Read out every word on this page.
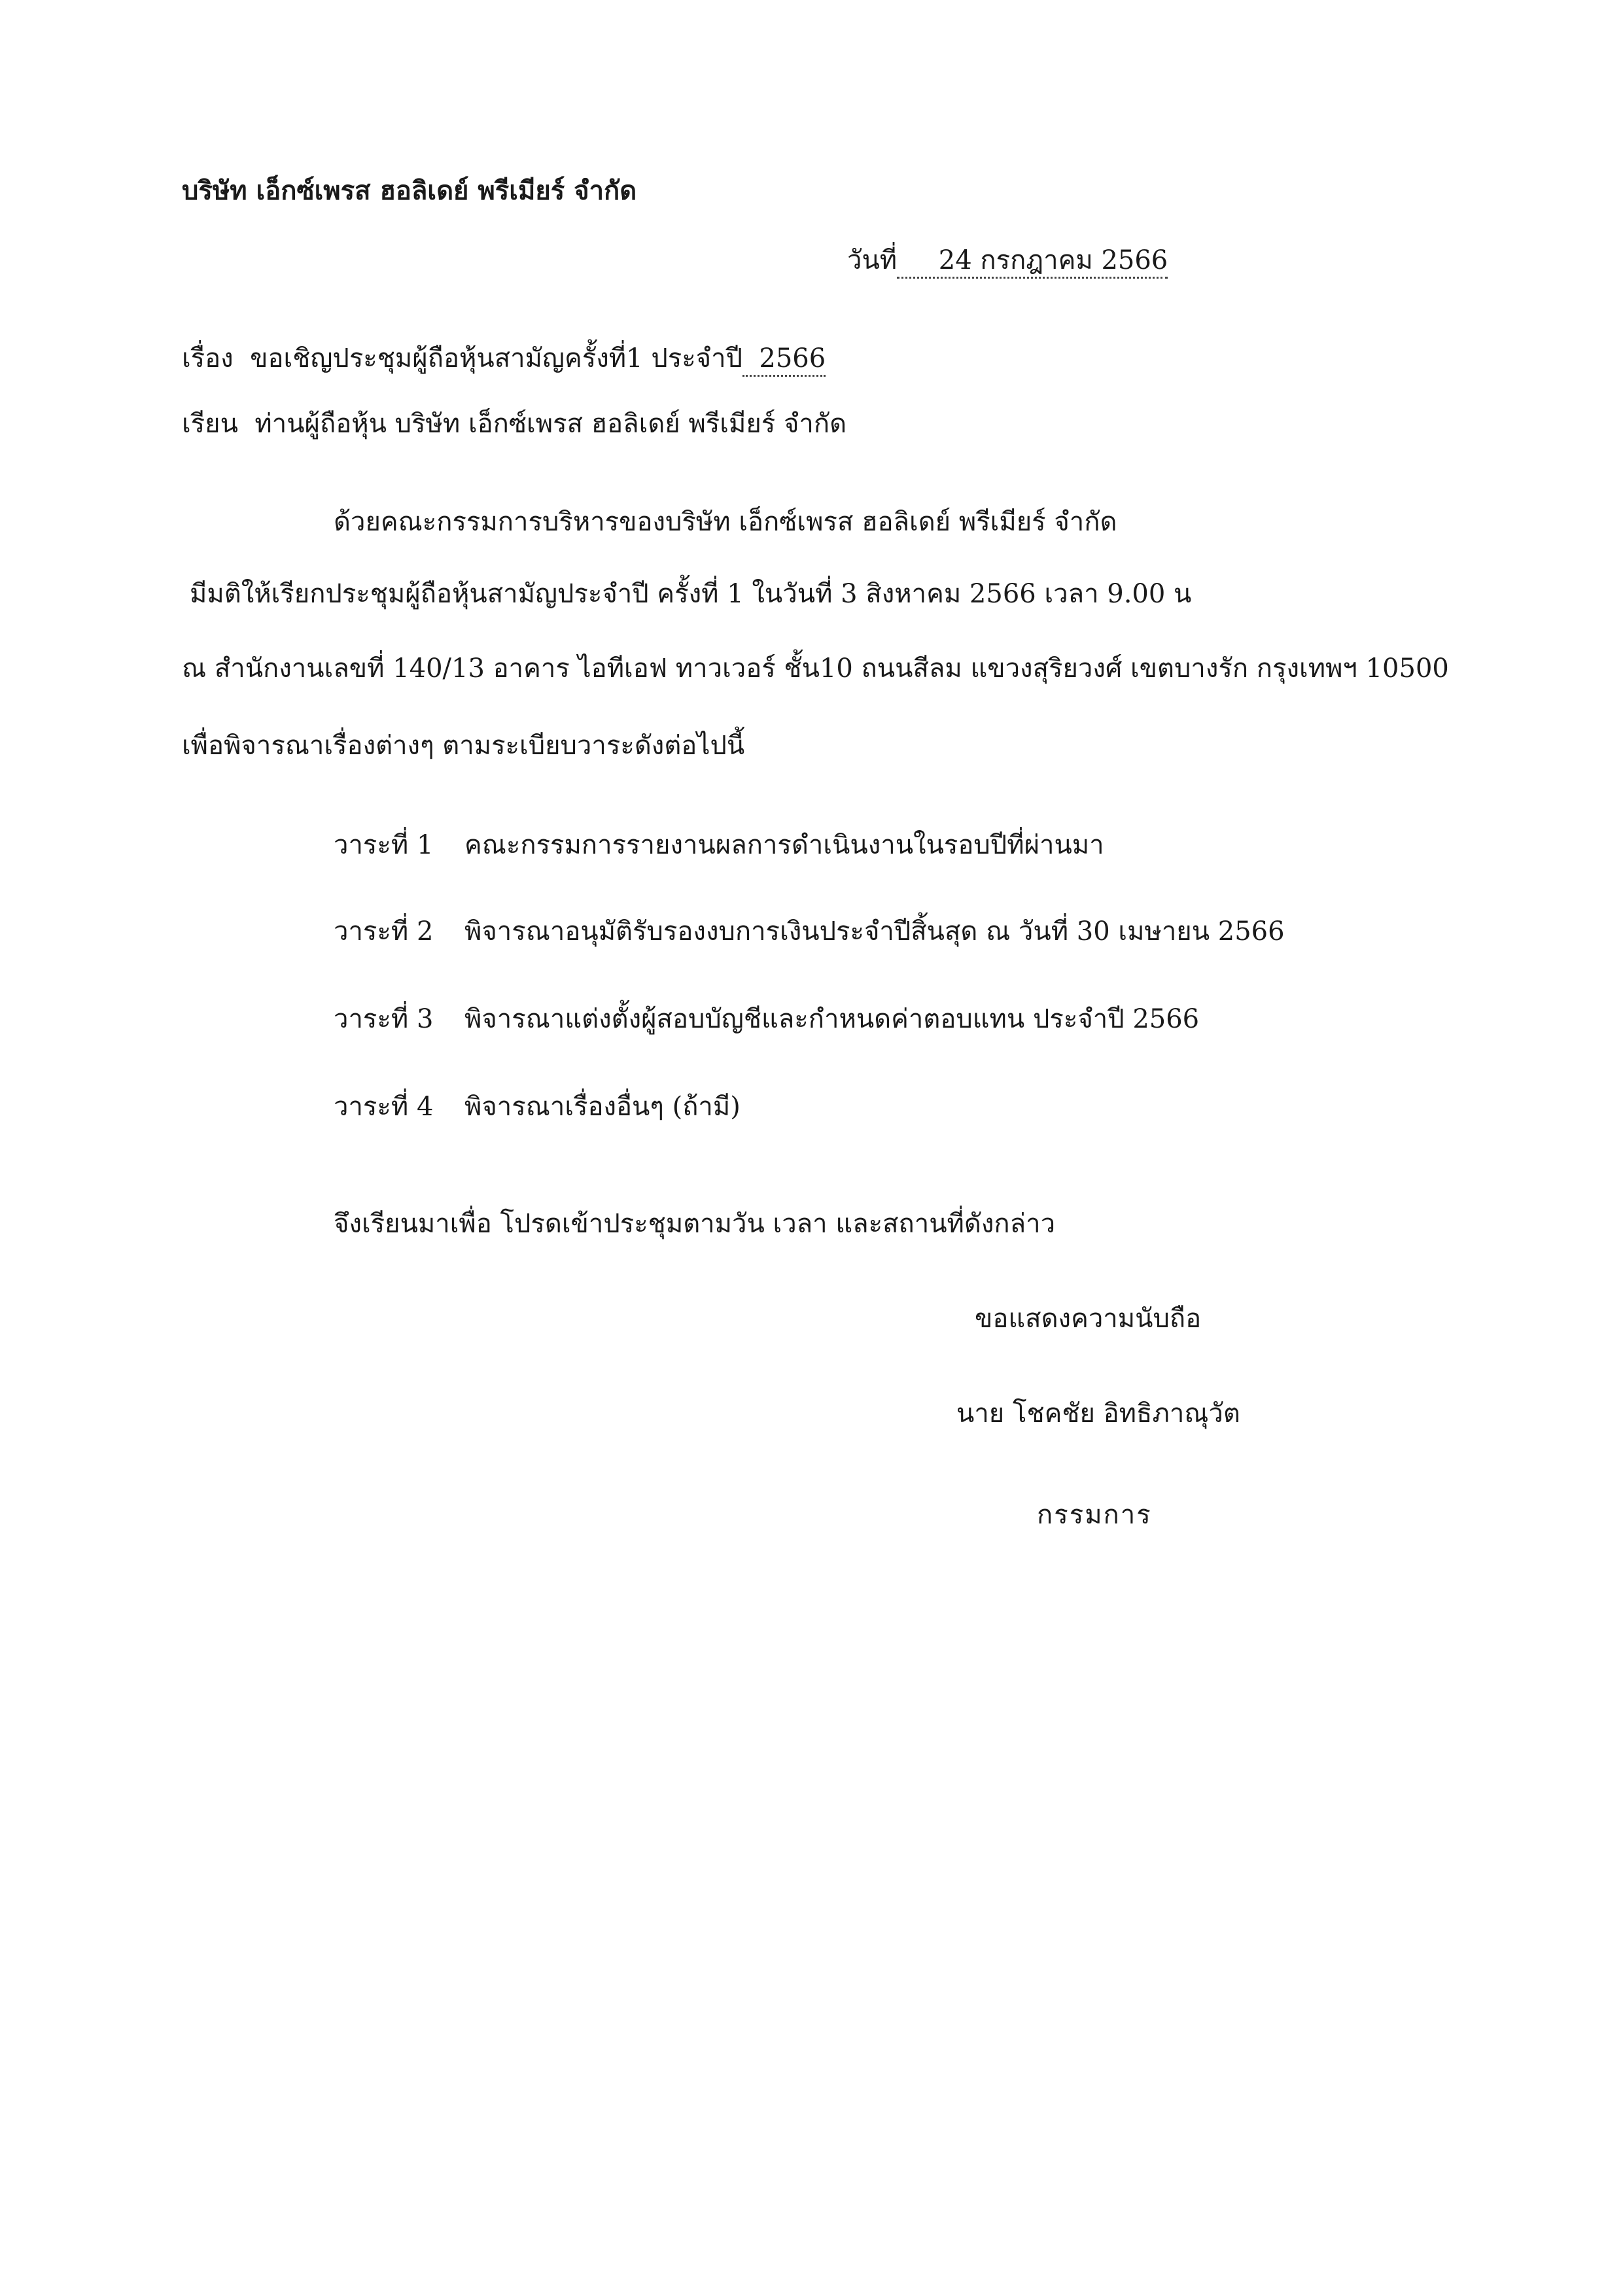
บริษัท เอ็กซ์เพรส ฮอลิเดย์ พรีเมียร์ จำกัด
วันที่ 24 กรกฎาคม 2566
เรื่อง ขอเชิญประชุมผู้ถือหุ้นสามัญครั้งที่1 ประจำปี 2566
เรียน ท่านผู้ถือหุ้น บริษัท เอ็กซ์เพรส ฮอลิเดย์ พรีเมียร์ จำกัด
ด้วยคณะกรรมการบริหารของบริษัท เอ็กซ์เพรส ฮอลิเดย์ พรีเมียร์ จำกัด
มีมติให้เรียกประชุมผู้ถือหุ้นสามัญประจำปี ครั้งที่ 1 ในวันที่ 3 สิงหาคม 2566 เวลา 9.00 น
ณ สำนักงานเลขที่ 140/13 อาคาร ไอทีเอฟ ทาวเวอร์ ชั้น10 ถนนสีลม แขวงสุริยวงศ์ เขตบางรัก กรุงเทพฯ 10500
เพื่อพิจารณาเรื่องต่างๆ ตามระเบียบวาระดังต่อไปนี้
วาระที่ 1 คณะกรรมการรายงานผลการดำเนินงานในรอบปีที่ผ่านมา
วาระที่ 2 พิจารณาอนุมัติรับรองงบการเงินประจำปีสิ้นสุด ณ วันที่ 30 เมษายน 2566
วาระที่ 3 พิจารณาแต่งตั้งผู้สอบบัญชีและกำหนดค่าตอบแทน ประจำปี 2566
วาระที่ 4 พิจารณาเรื่องอื่นๆ (ถ้ามี)
จึงเรียนมาเพื่อ โปรดเข้าประชุมตามวัน เวลา และสถานที่ดังกล่าว
ขอแสดงความนับถือ
นาย โชคชัย อิทธิภาณุวัต
กรรมการ
